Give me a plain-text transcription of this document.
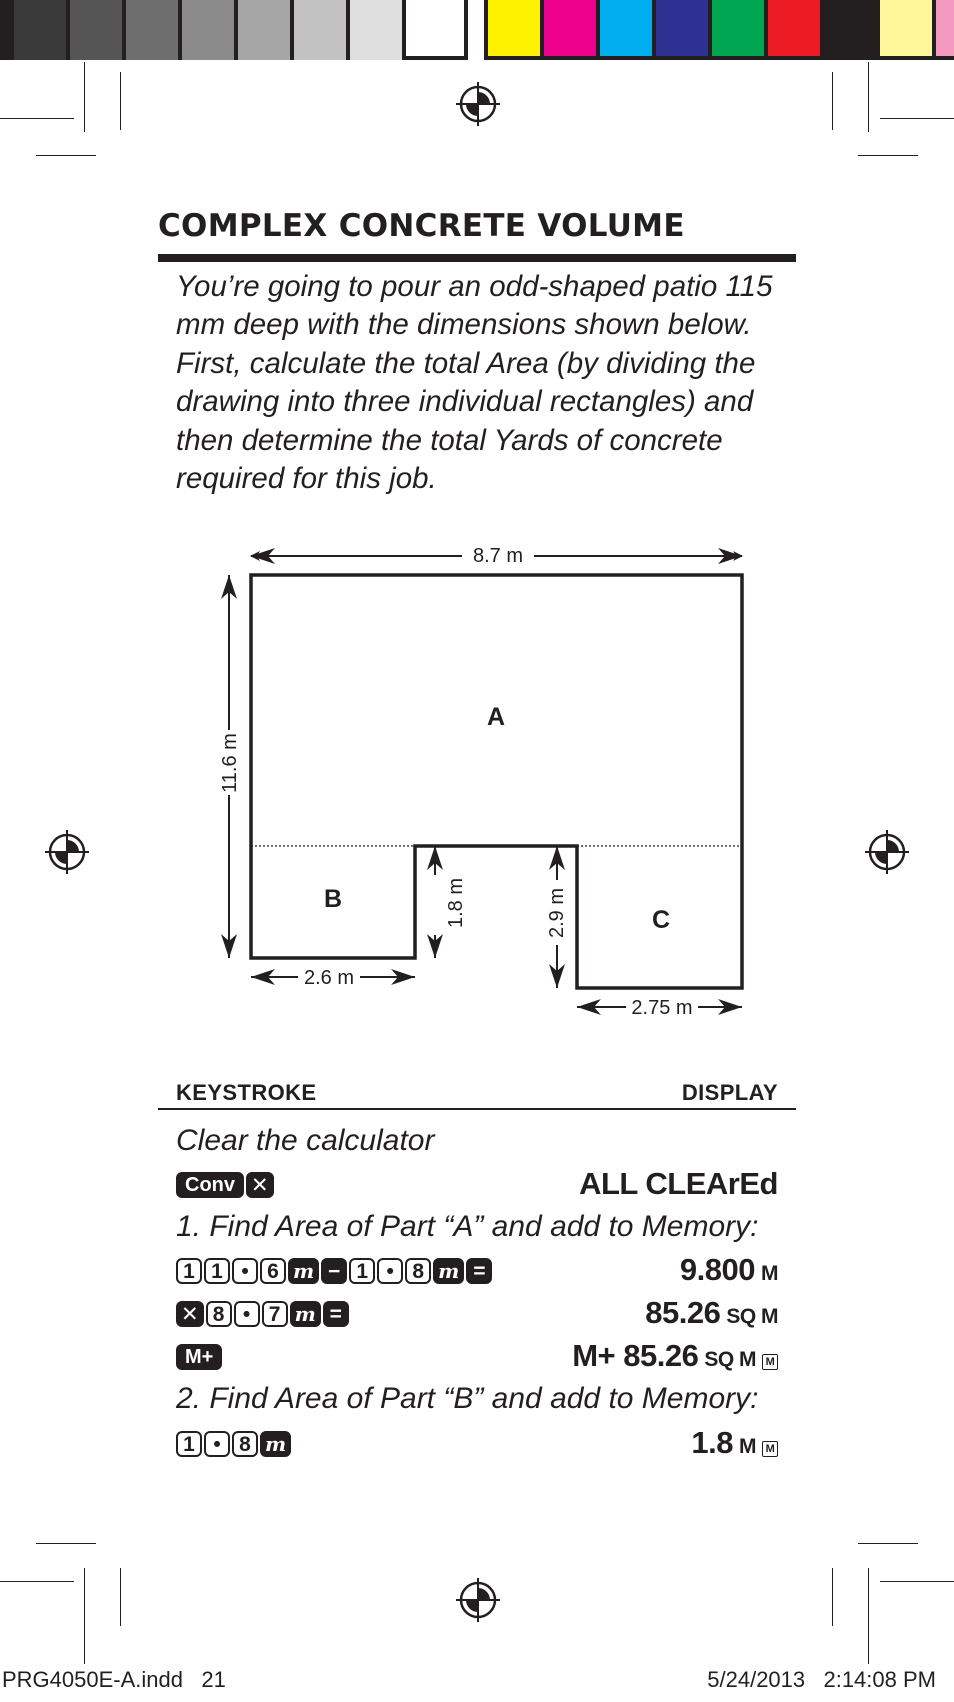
COMPLEX CONCRETE VOLUME
You’re going to pour an odd-shaped patio 115 mm deep with the dimensions shown below. First, calculate the total Area (by dividing the drawing into three individual rectangles) and then determine the total Yards of concrete required for this job.
8.7 m
11.6 m
1.8 m	2.9 m
2.6 m
2.75 m
A
B
C
KEYSTROKE	DISPLAY
Clear the calculator
Conv ✕	ALL CLEArEd
1. Find Area of Part “A” and add to Memory:
1 1 • 6 m − 1 • 8 m =	9.800 M
✕ 8 • 7 m =	85.26 SQ M
M+	M+ 85.26 SQ M M
2. Find Area of Part “B” and add to Memory:
1 • 8 m	1.8 M M
PRG4050E-A.indd   21	5/24/2013   2:14:08 PM
